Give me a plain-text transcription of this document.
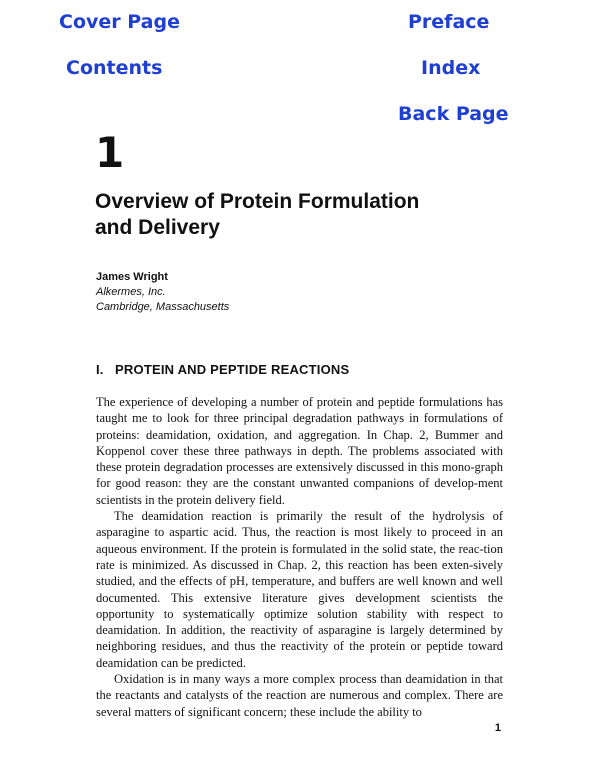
Cover Page	Preface
Contents	Index
Back Page
1
Overview of Protein Formulation
and Delivery
James Wright
Alkermes, Inc.
Cambridge, Massachusetts
I.   PROTEIN AND PEPTIDE REACTIONS

The experience of developing a number of protein and peptide formulations has taught me to look for three principal degradation pathways in formulations of proteins: deamidation, oxidation, and aggregation. In Chap. 2, Bummer and Koppenol cover these three pathways in depth. The problems associated with these protein degradation processes are extensively discussed in this mono-graph for good reason: they are the constant unwanted companions of develop-ment scientists in the protein delivery field.

The deamidation reaction is primarily the result of the hydrolysis of asparagine to aspartic acid. Thus, the reaction is most likely to proceed in an aqueous environment. If the protein is formulated in the solid state, the reac-tion rate is minimized. As discussed in Chap. 2, this reaction has been exten-sively studied, and the effects of pH, temperature, and buffers are well known and well documented. This extensive literature gives development scientists the opportunity to systematically optimize solution stability with respect to deamidation. In addition, the reactivity of asparagine is largely determined by neighboring residues, and thus the reactivity of the protein or peptide toward deamidation can be predicted.

Oxidation is in many ways a more complex process than deamidation in that the reactants and catalysts of the reaction are numerous and complex. There are several matters of significant concern; these include the ability to

1
